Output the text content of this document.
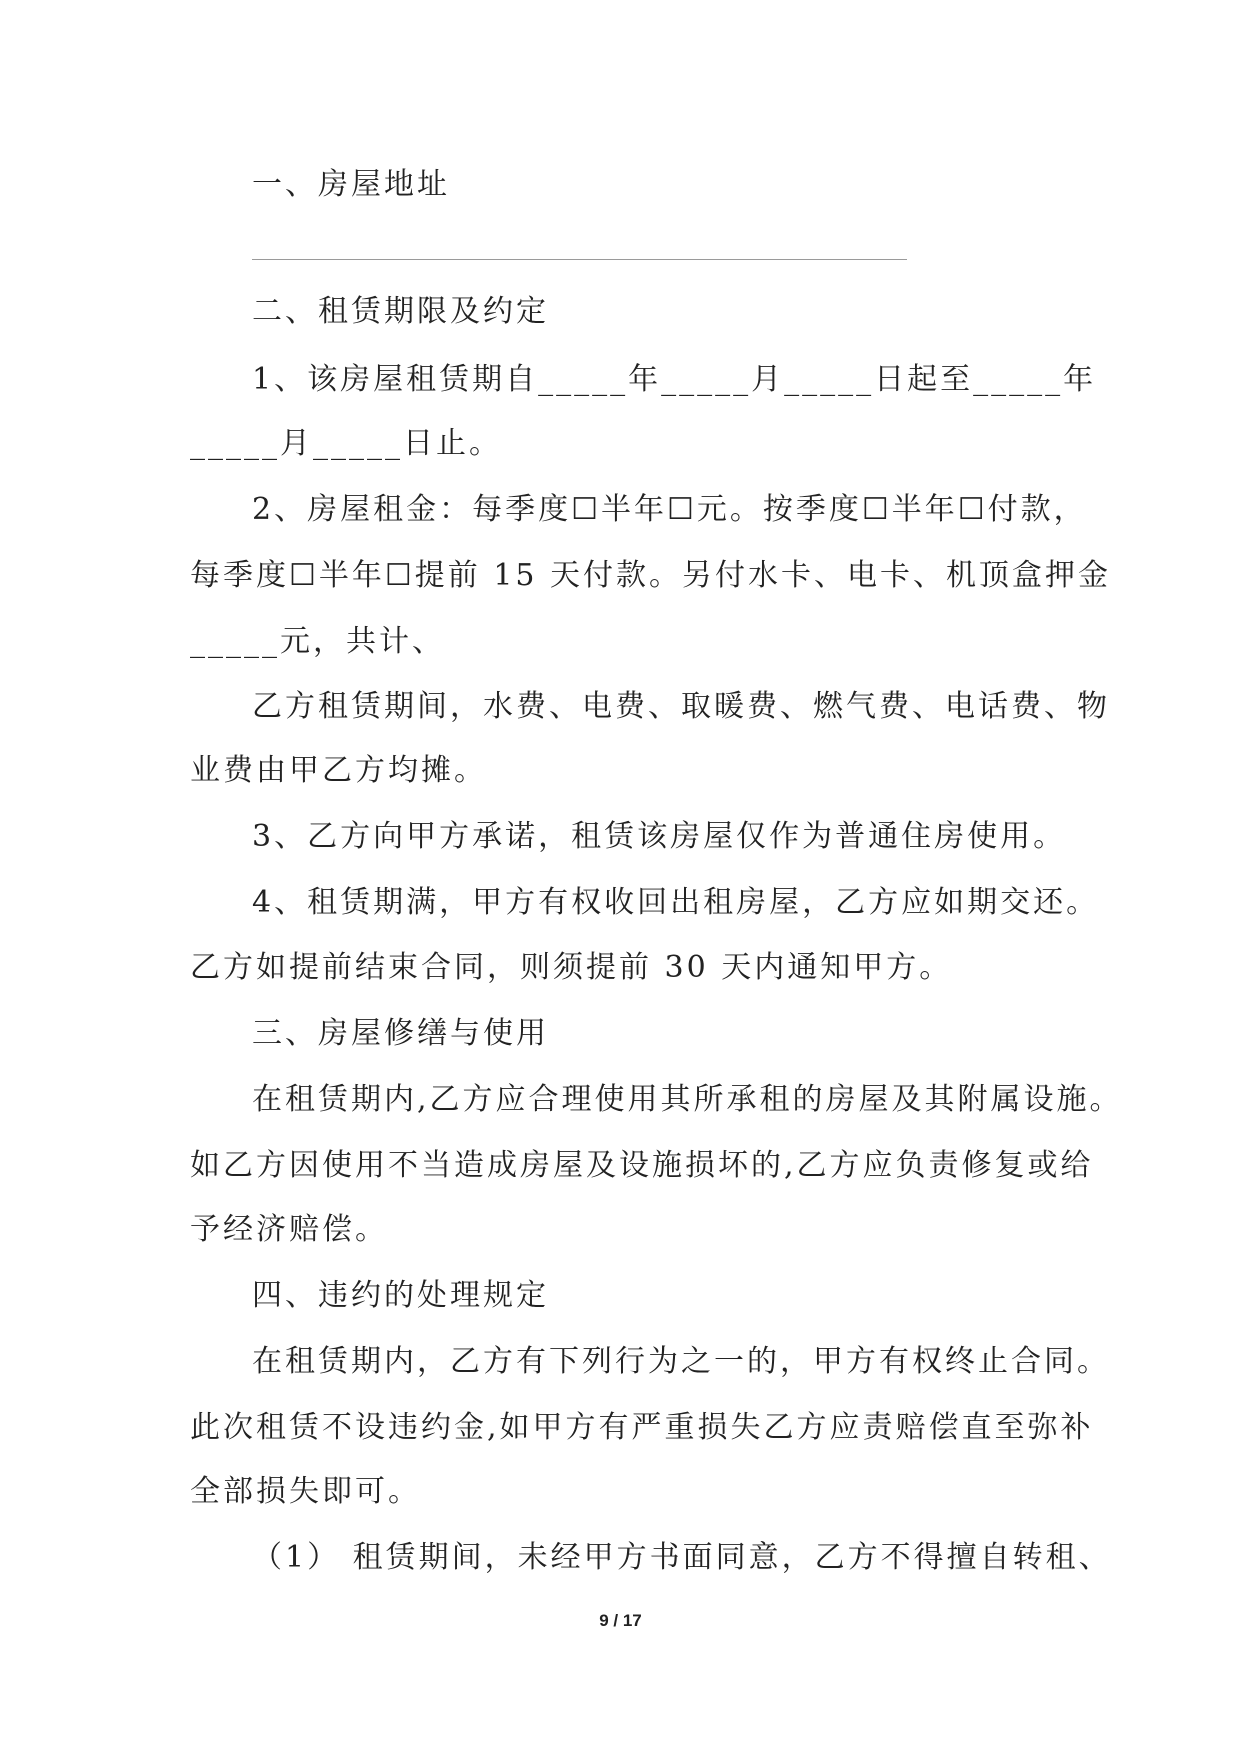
一、房屋地址
二、租赁期限及约定
1、该房屋租赁期自_____年_____月_____日起至_____年
_____月_____日止。
2、房屋租金：每季度☐半年☐元。按季度☐半年☐付款，
每季度☐半年☐提前 15 天付款。另付水卡、电卡、机顶盒押金
_____元，共计、
乙方租赁期间，水费、电费、取暖费、燃气费、电话费、物
业费由甲乙方均摊。
3、乙方向甲方承诺，租赁该房屋仅作为普通住房使用。
4、租赁期满，甲方有权收回出租房屋，乙方应如期交还。
乙方如提前结束合同，则须提前 30 天内通知甲方。
三、房屋修缮与使用
在租赁期内,乙方应合理使用其所承租的房屋及其附属设施。
如乙方因使用不当造成房屋及设施损坏的,乙方应负责修复或给
予经济赔偿。
四、违约的处理规定
在租赁期内，乙方有下列行为之一的，甲方有权终止合同。
此次租赁不设违约金,如甲方有严重损失乙方应责赔偿直至弥补
全部损失即可。
（1） 租赁期间，未经甲方书面同意，乙方不得擅自转租、
9 / 17
